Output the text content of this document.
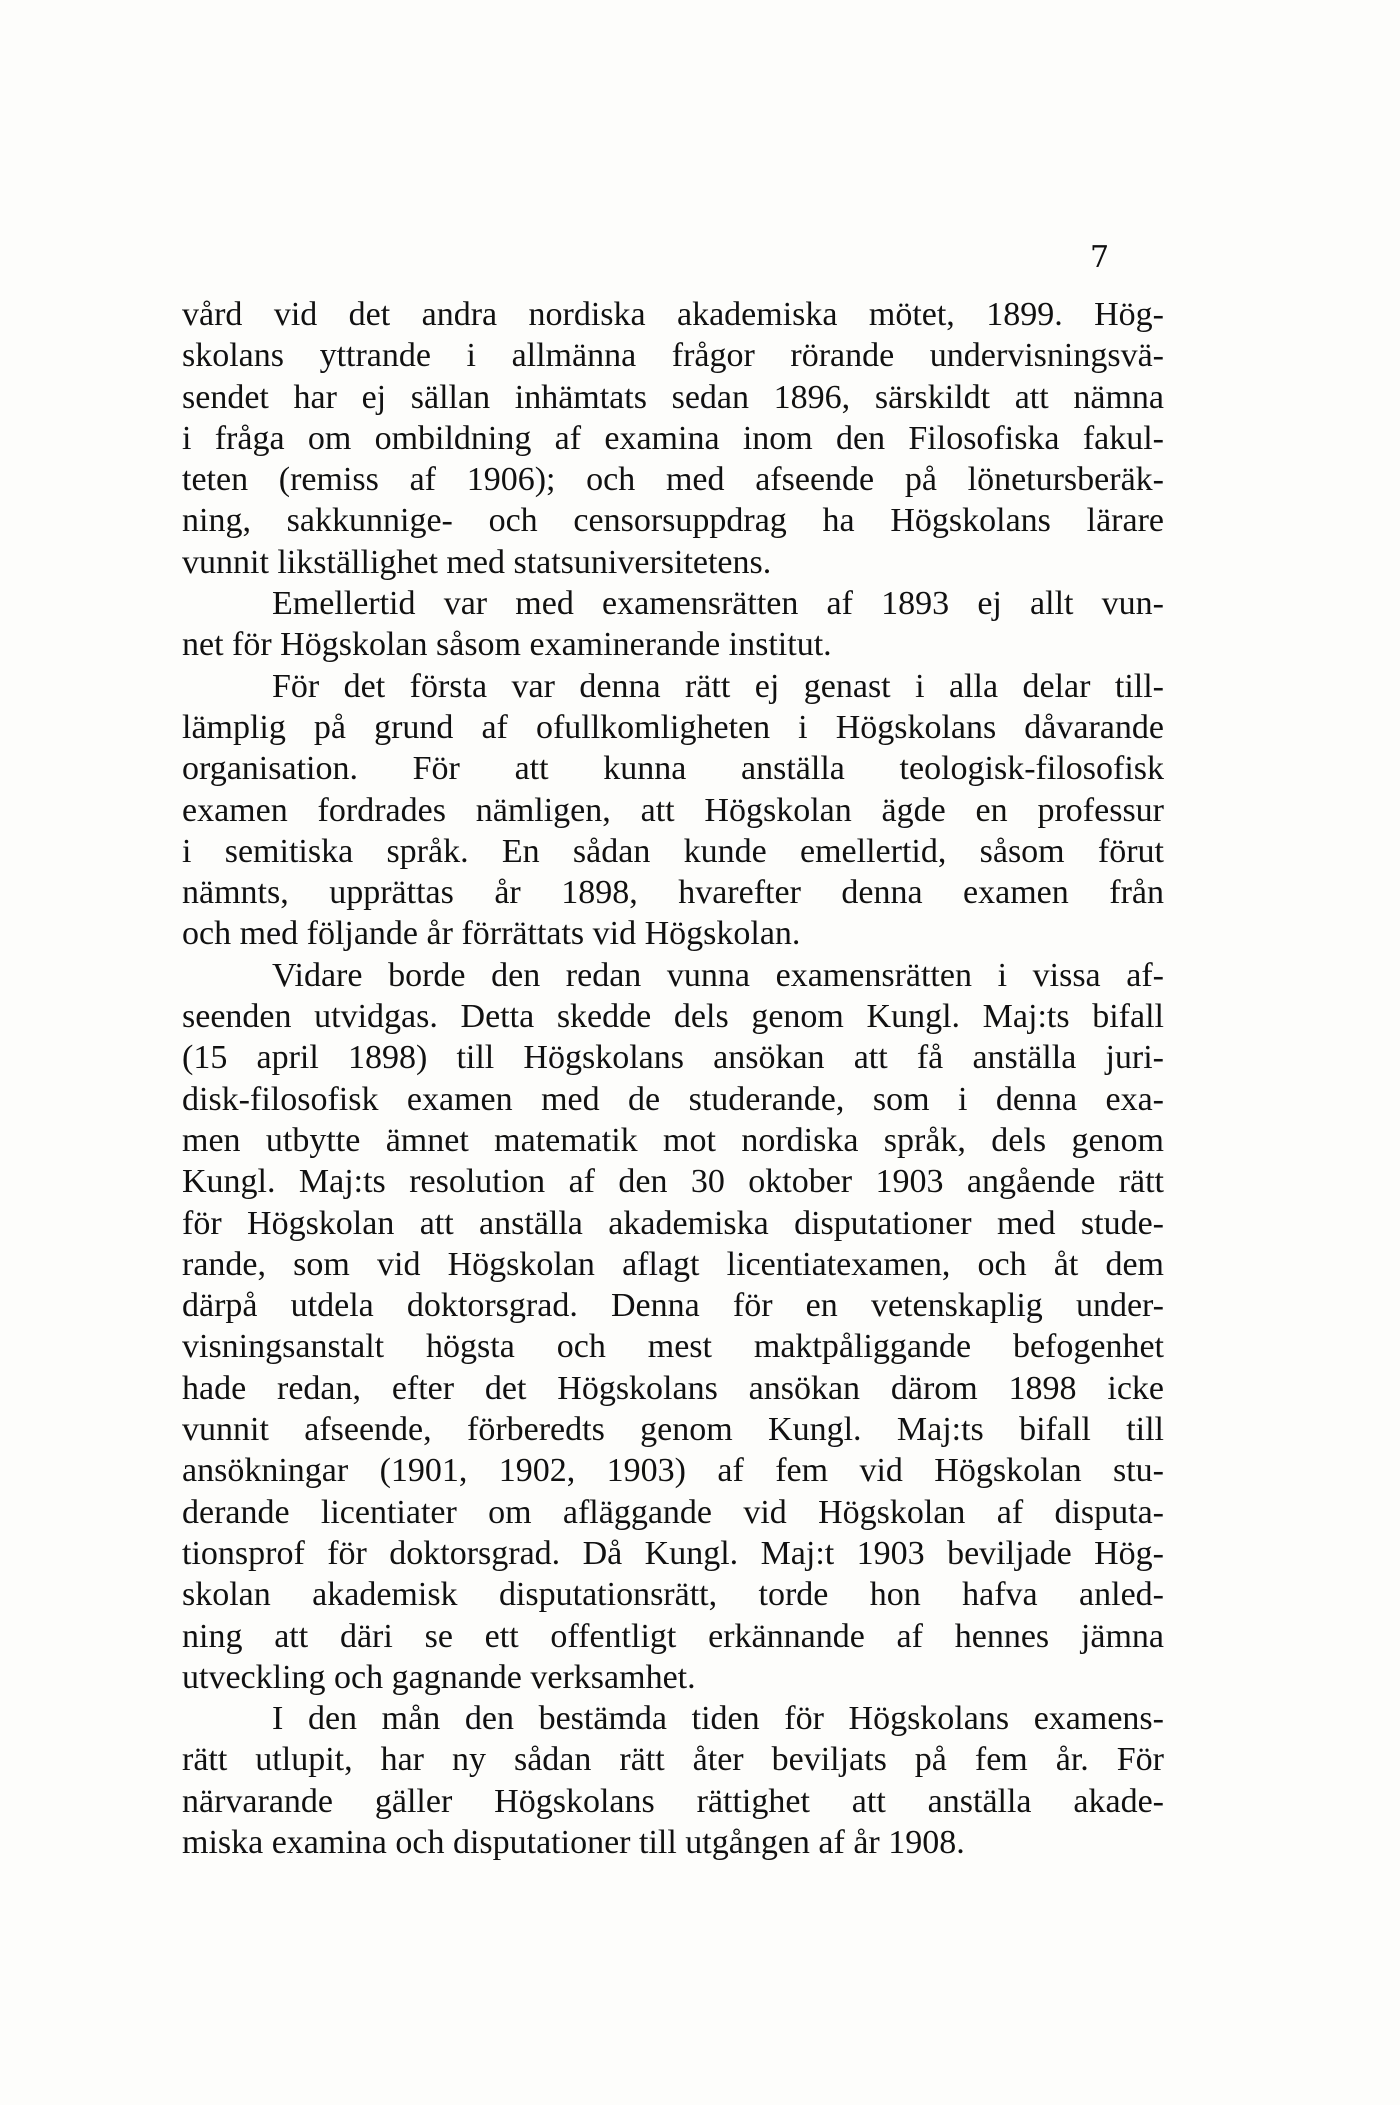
7
vård vid det andra nordiska akademiska mötet, 1899. Hög-
skolans yttrande i allmänna frågor rörande undervisningsvä-
sendet har ej sällan inhämtats sedan 1896, särskildt att nämna
i fråga om ombildning af examina inom den Filosofiska fakul-
teten (remiss af 1906); och med afseende på lönetursberäk-
ning, sakkunnige- och censorsuppdrag ha Högskolans lärare
vunnit likställighet med statsuniversitetens.
Emellertid var med examensrätten af 1893 ej allt vun-
net för Högskolan såsom examinerande institut.
För det första var denna rätt ej genast i alla delar till-
lämplig på grund af ofullkomligheten i Högskolans dåvarande
organisation. För att kunna anställa teologisk-filosofisk
examen fordrades nämligen, att Högskolan ägde en professur
i semitiska språk. En sådan kunde emellertid, såsom förut
nämnts, upprättas år 1898, hvarefter denna examen från
och med följande år förrättats vid Högskolan.
Vidare borde den redan vunna examensrätten i vissa af-
seenden utvidgas. Detta skedde dels genom Kungl. Maj:ts bifall
(15 april 1898) till Högskolans ansökan att få anställa juri-
disk-filosofisk examen med de studerande, som i denna exa-
men utbytte ämnet matematik mot nordiska språk, dels genom
Kungl. Maj:ts resolution af den 30 oktober 1903 angående rätt
för Högskolan att anställa akademiska disputationer med stude-
rande, som vid Högskolan aflagt licentiatexamen, och åt dem
därpå utdela doktorsgrad. Denna för en vetenskaplig under-
visningsanstalt högsta och mest maktpåliggande befogenhet
hade redan, efter det Högskolans ansökan därom 1898 icke
vunnit afseende, förberedts genom Kungl. Maj:ts bifall till
ansökningar (1901, 1902, 1903) af fem vid Högskolan stu-
derande licentiater om afläggande vid Högskolan af disputa-
tionsprof för doktorsgrad. Då Kungl. Maj:t 1903 beviljade Hög-
skolan akademisk disputationsrätt, torde hon hafva anled-
ning att däri se ett offentligt erkännande af hennes jämna
utveckling och gagnande verksamhet.
I den mån den bestämda tiden för Högskolans examens-
rätt utlupit, har ny sådan rätt åter beviljats på fem år. För
närvarande gäller Högskolans rättighet att anställa akade-
miska examina och disputationer till utgången af år 1908.
